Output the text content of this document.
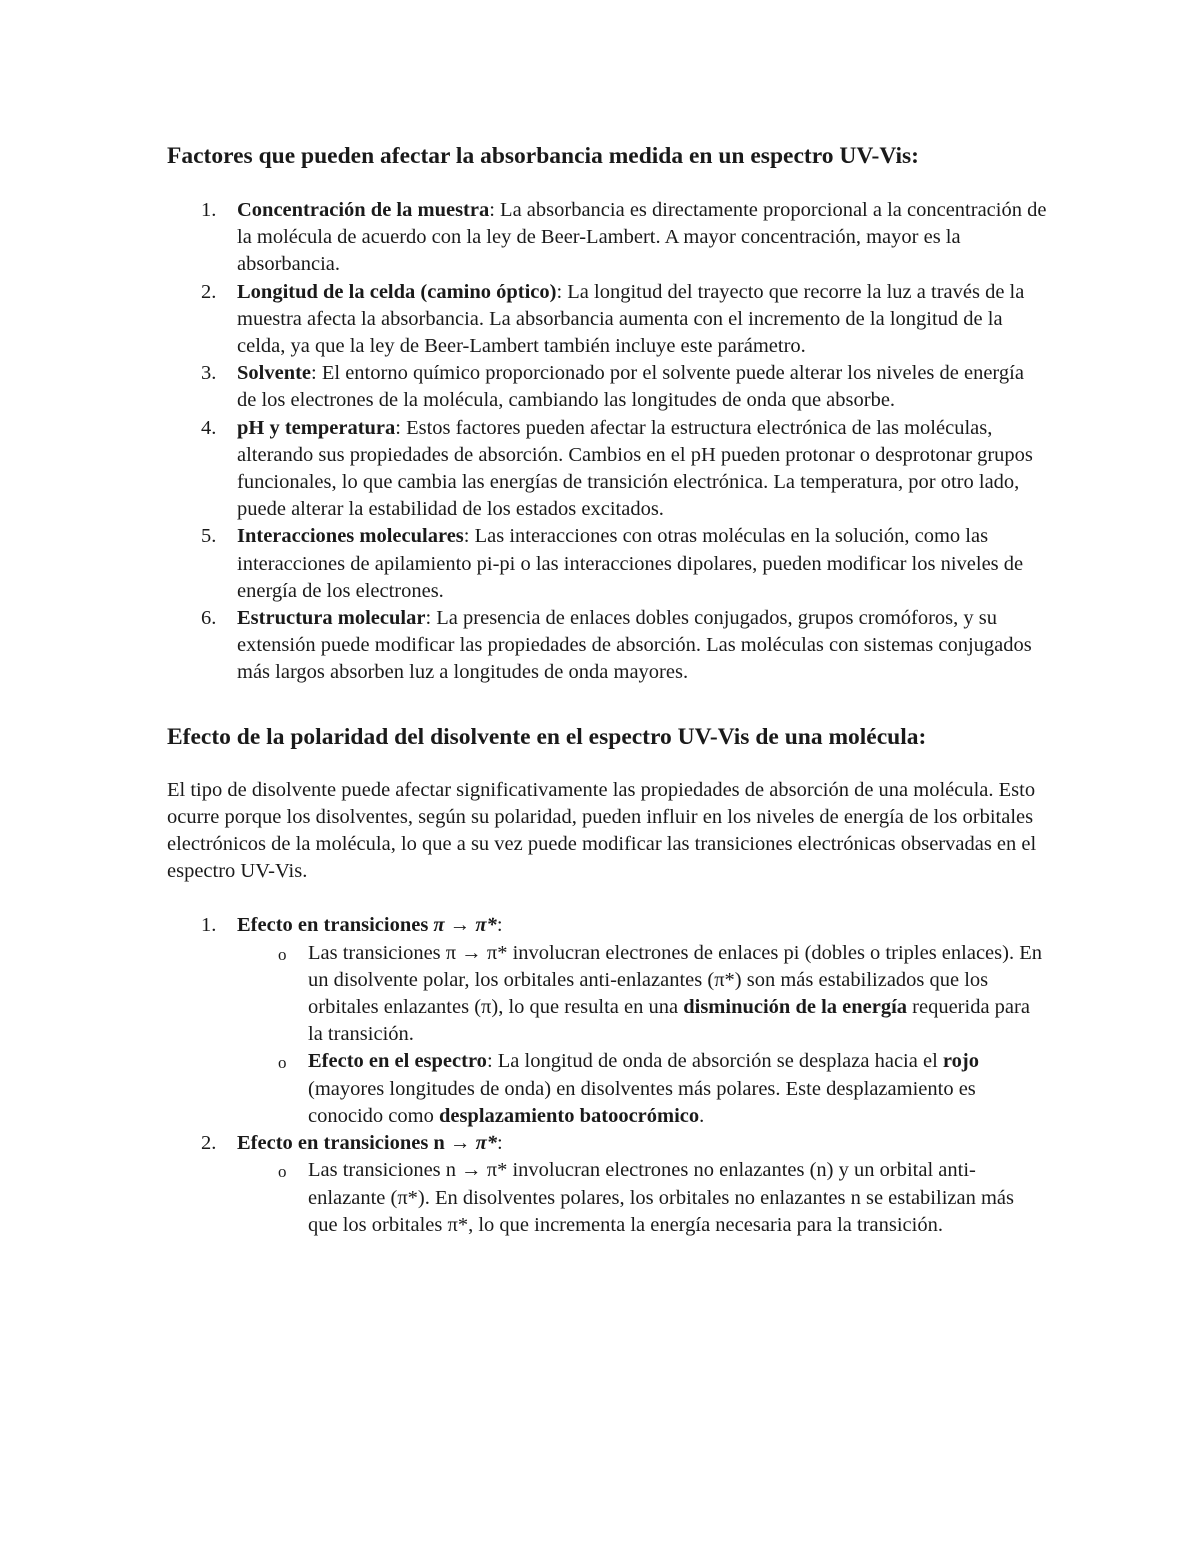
Factores que pueden afectar la absorbancia medida en un espectro UV-Vis:
1. Concentración de la muestra: La absorbancia es directamente proporcional a la concentración de la molécula de acuerdo con la ley de Beer-Lambert. A mayor concentración, mayor es la absorbancia.
2. Longitud de la celda (camino óptico): La longitud del trayecto que recorre la luz a través de la muestra afecta la absorbancia. La absorbancia aumenta con el incremento de la longitud de la celda, ya que la ley de Beer-Lambert también incluye este parámetro.
3. Solvente: El entorno químico proporcionado por el solvente puede alterar los niveles de energía de los electrones de la molécula, cambiando las longitudes de onda que absorbe.
4. pH y temperatura: Estos factores pueden afectar la estructura electrónica de las moléculas, alterando sus propiedades de absorción. Cambios en el pH pueden protonar o desprotonar grupos funcionales, lo que cambia las energías de transición electrónica. La temperatura, por otro lado, puede alterar la estabilidad de los estados excitados.
5. Interacciones moleculares: Las interacciones con otras moléculas en la solución, como las interacciones de apilamiento pi-pi o las interacciones dipolares, pueden modificar los niveles de energía de los electrones.
6. Estructura molecular: La presencia de enlaces dobles conjugados, grupos cromóforos, y su extensión puede modificar las propiedades de absorción. Las moléculas con sistemas conjugados más largos absorben luz a longitudes de onda mayores.
Efecto de la polaridad del disolvente en el espectro UV-Vis de una molécula:

El tipo de disolvente puede afectar significativamente las propiedades de absorción de una molécula. Esto ocurre porque los disolventes, según su polaridad, pueden influir en los niveles de energía de los orbitales electrónicos de la molécula, lo que a su vez puede modificar las transiciones electrónicas observadas en el espectro UV-Vis.

1. Efecto en transiciones π → π*:
o Las transiciones π → π* involucran electrones de enlaces pi (dobles o triples enlaces). En un disolvente polar, los orbitales anti-enlazantes (π*) son más estabilizados que los orbitales enlazantes (π), lo que resulta en una disminución de la energía requerida para la transición.
o Efecto en el espectro: La longitud de onda de absorción se desplaza hacia el rojo (mayores longitudes de onda) en disolventes más polares. Este desplazamiento es conocido como desplazamiento batoocrómico.
2. Efecto en transiciones n → π*:
o Las transiciones n → π* involucran electrones no enlazantes (n) y un orbital anti-enlazante (π*). En disolventes polares, los orbitales no enlazantes n se estabilizan más que los orbitales π*, lo que incrementa la energía necesaria para la transición.
